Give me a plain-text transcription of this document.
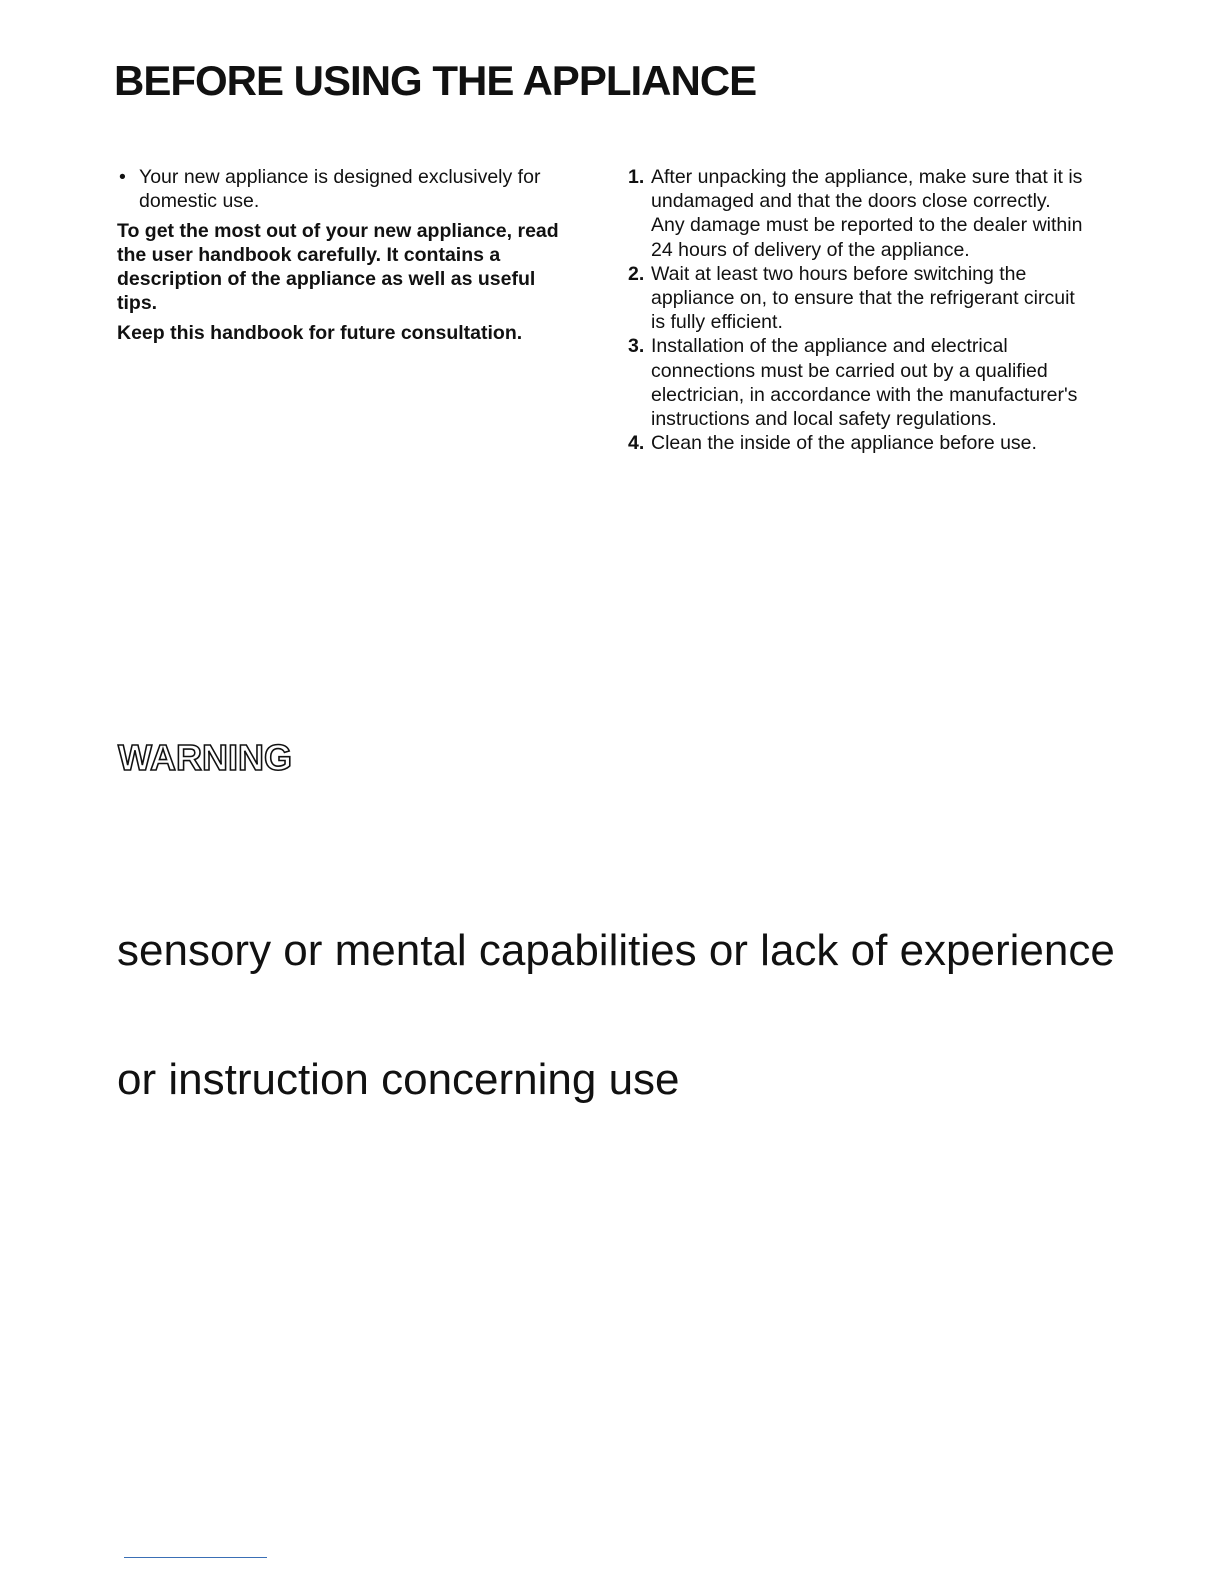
BEFORE USING THE APPLIANCE
• Your new appliance is designed exclusively for domestic use.

To get the most out of your new appliance, read the user handbook carefully. It contains a description of the appliance as well as useful tips.

Keep this handbook for future consultation.

1. After unpacking the appliance, make sure that it is undamaged and that the doors close correctly. Any damage must be reported to the dealer within 24 hours of delivery of the appliance.
2. Wait at least two hours before switching the appliance on, to ensure that the refrigerant circuit is fully efficient.
3. Installation of the appliance and electrical connections must be carried out by a qualified electrician, in accordance with the manufacturer's instructions and local safety regulations.
4. Clean the inside of the appliance before use.
WARNING

sensory or mental capabilities or lack of experience

or instruction concerning use
